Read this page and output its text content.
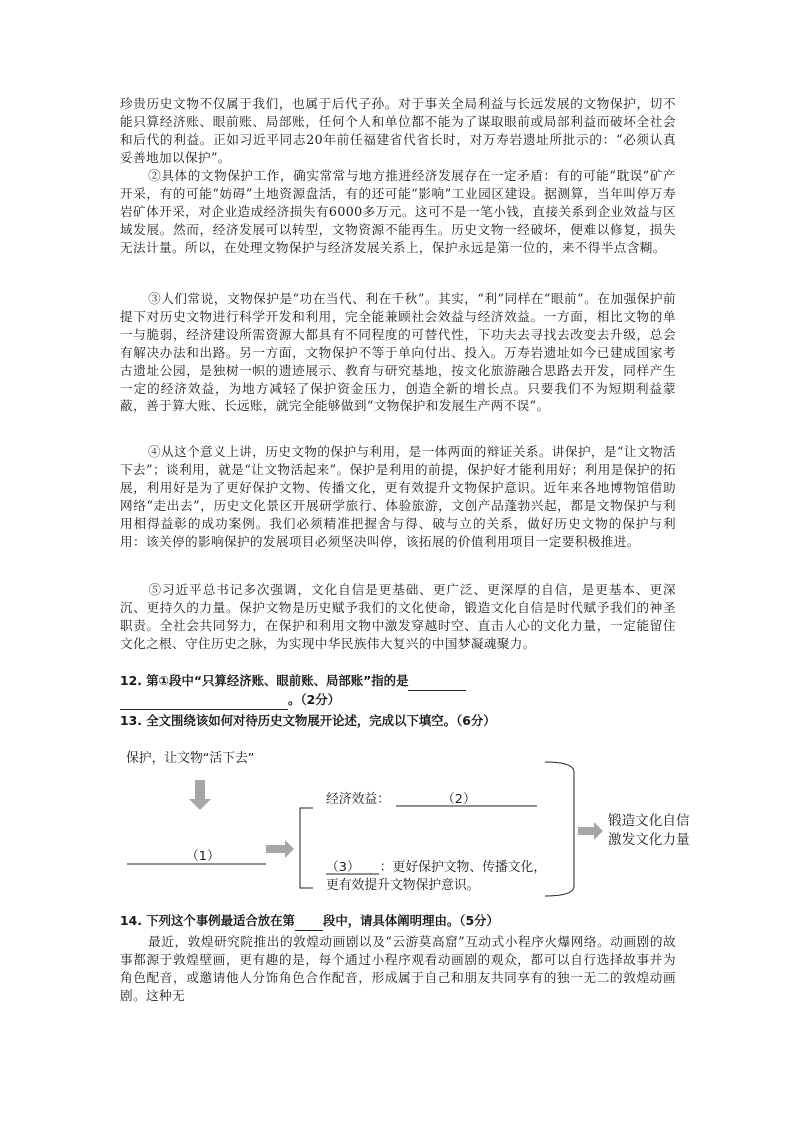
珍贵历史文物不仅属于我们，也属于后代子孙。对于事关全局利益与长远发展的文物保护，切不能只算经济账、眼前账、局部账，任何个人和单位都不能为了谋取眼前或局部利益而破坏全社会和后代的利益。正如习近平同志20年前任福建省代省长时，对万寿岩遗址所批示的：“必须认真妥善地加以保护”。

②具体的文物保护工作，确实常常与地方推进经济发展存在一定矛盾：有的可能“耽误”矿产开采，有的可能“妨碍”土地资源盘活，有的还可能“影响”工业园区建设。据测算，当年叫停万寿岩矿体开采，对企业造成经济损失有6000多万元。这可不是一笔小钱，直接关系到企业效益与区域发展。然而，经济发展可以转型，文物资源不能再生。历史文物一经破坏，便难以修复，损失无法计量。所以，在处理文物保护与经济发展关系上，保护永远是第一位的，来不得半点含糊。

③人们常说，文物保护是“功在当代、利在千秋”。其实，“利”同样在“眼前”。在加强保护前提下对历史文物进行科学开发和利用，完全能兼顾社会效益与经济效益。一方面，相比文物的单一与脆弱，经济建设所需资源大都具有不同程度的可替代性，下功夫去寻找去改变去升级，总会有解决办法和出路。另一方面，文物保护不等于单向付出、投入。万寿岩遗址如今已建成国家考古遗址公园，是独树一帜的遗迹展示、教育与研究基地，按文化旅游融合思路去开发，同样产生一定的经济效益，为地方减轻了保护资金压力，创造全新的增长点。只要我们不为短期利益蒙蔽，善于算大账、长远账，就完全能够做到“文物保护和发展生产两不误”。

④从这个意义上讲，历史文物的保护与利用，是一体两面的辩证关系。讲保护，是“让文物活下去”；谈利用，就是“让文物活起来”。保护是利用的前提，保护好才能利用好；利用是保护的拓展，利用好是为了更好保护文物、传播文化，更有效提升文物保护意识。近年来各地博物馆借助网络“走出去”，历史文化景区开展研学旅行、体验旅游，文创产品蓬勃兴起，都是文物保护与利用相得益彰的成功案例。我们必须精准把握舍与得、破与立的关系，做好历史文物的保护与利用：该关停的影响保护的发展项目必须坚决叫停，该拓展的价值利用项目一定要积极推进。

⑤习近平总书记多次强调，文化自信是更基础、更广泛、更深厚的自信，是更基本、更深沉、更持久的力量。保护文物是历史赋予我们的文化使命，锻造文化自信是时代赋予我们的神圣职责。全社会共同努力，在保护和利用文物中激发穿越时空、直击人心的文化力量，一定能留住文化之根、守住历史之脉，为实现中华民族伟大复兴的中国梦凝魂聚力。

12. 第①段中“只算经济账、眼前账、局部账”指的是
。（2分）

13. 全文围绕该如何对待历史文物展开论述，完成以下填空。（6分）

保护，让文物“活下去”
（1）
经济效益：	（2）
（3） ：更好保护文物、传播文化，
更有效提升文物保护意识。
锻造文化自信
激发文化力量

14. 下列这个事例最适合放在第 段中，请具体阐明理由。（5分）

最近，敦煌研究院推出的敦煌动画剧以及“云游莫高窟”互动式小程序火爆网络。动画剧的故事都源于敦煌壁画，更有趣的是，每个通过小程序观看动画剧的观众，都可以自行选择故事并为角色配音，或邀请他人分饰角色合作配音，形成属于自己和朋友共同享有的独一无二的敦煌动画剧。这种无
